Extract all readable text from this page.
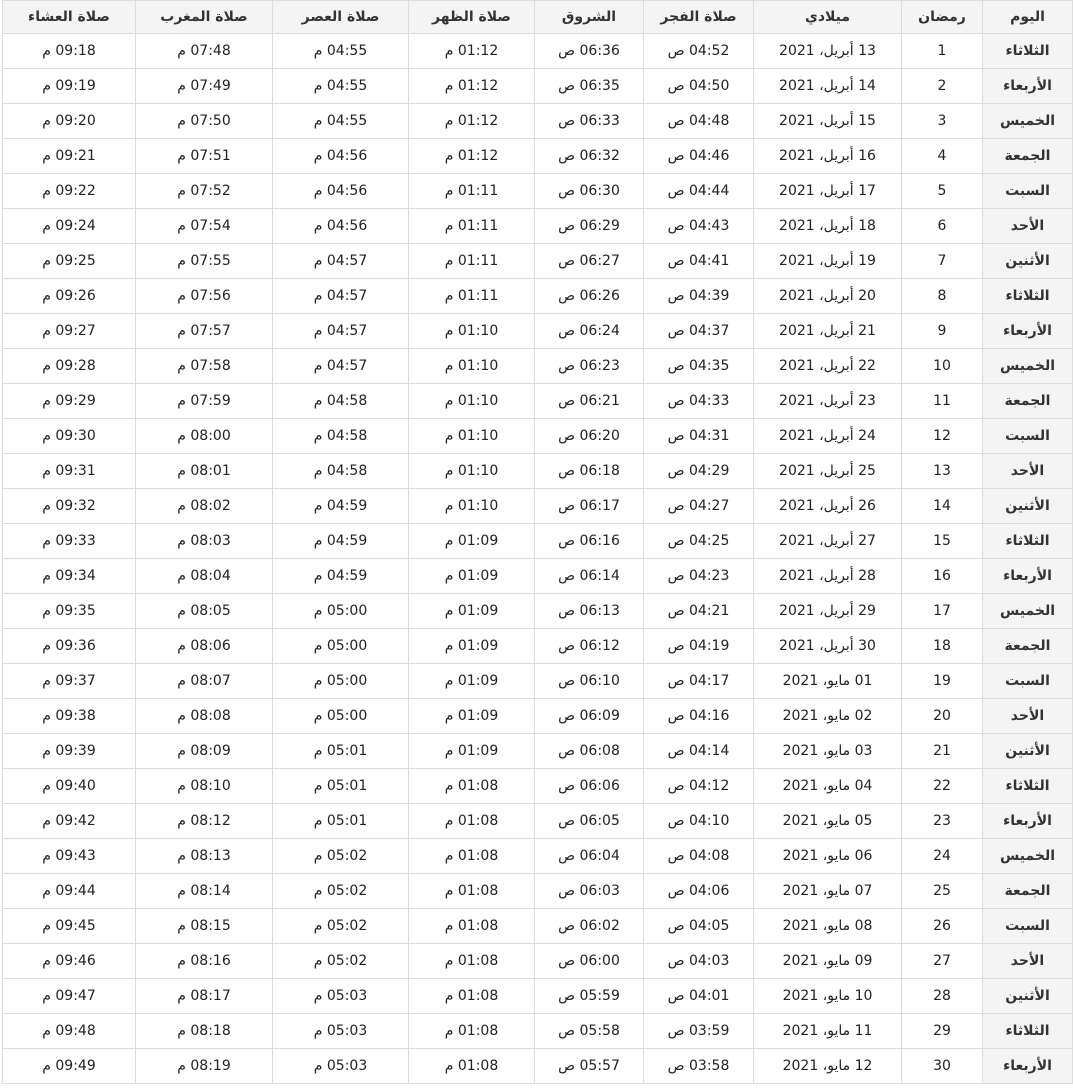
اليوم	رمضان	ميلادي	صلاة الفجر	الشروق	صلاة الظهر	صلاة العصر	صلاة المغرب	صلاة العشاء
الثلاثاء	1	13 أبريل، 2021	04:52 ص	06:36 ص	01:12 م	04:55 م	07:48 م	09:18 م
الأربعاء	2	14 أبريل، 2021	04:50 ص	06:35 ص	01:12 م	04:55 م	07:49 م	09:19 م
الخميس	3	15 أبريل، 2021	04:48 ص	06:33 ص	01:12 م	04:55 م	07:50 م	09:20 م
الجمعة	4	16 أبريل، 2021	04:46 ص	06:32 ص	01:12 م	04:56 م	07:51 م	09:21 م
السبت	5	17 أبريل، 2021	04:44 ص	06:30 ص	01:11 م	04:56 م	07:52 م	09:22 م
الأحد	6	18 أبريل، 2021	04:43 ص	06:29 ص	01:11 م	04:56 م	07:54 م	09:24 م
الأثنين	7	19 أبريل، 2021	04:41 ص	06:27 ص	01:11 م	04:57 م	07:55 م	09:25 م
الثلاثاء	8	20 أبريل، 2021	04:39 ص	06:26 ص	01:11 م	04:57 م	07:56 م	09:26 م
الأربعاء	9	21 أبريل، 2021	04:37 ص	06:24 ص	01:10 م	04:57 م	07:57 م	09:27 م
الخميس	10	22 أبريل، 2021	04:35 ص	06:23 ص	01:10 م	04:57 م	07:58 م	09:28 م
الجمعة	11	23 أبريل، 2021	04:33 ص	06:21 ص	01:10 م	04:58 م	07:59 م	09:29 م
السبت	12	24 أبريل، 2021	04:31 ص	06:20 ص	01:10 م	04:58 م	08:00 م	09:30 م
الأحد	13	25 أبريل، 2021	04:29 ص	06:18 ص	01:10 م	04:58 م	08:01 م	09:31 م
الأثنين	14	26 أبريل، 2021	04:27 ص	06:17 ص	01:10 م	04:59 م	08:02 م	09:32 م
الثلاثاء	15	27 أبريل، 2021	04:25 ص	06:16 ص	01:09 م	04:59 م	08:03 م	09:33 م
الأربعاء	16	28 أبريل، 2021	04:23 ص	06:14 ص	01:09 م	04:59 م	08:04 م	09:34 م
الخميس	17	29 أبريل، 2021	04:21 ص	06:13 ص	01:09 م	05:00 م	08:05 م	09:35 م
الجمعة	18	30 أبريل، 2021	04:19 ص	06:12 ص	01:09 م	05:00 م	08:06 م	09:36 م
السبت	19	01 مايو، 2021	04:17 ص	06:10 ص	01:09 م	05:00 م	08:07 م	09:37 م
الأحد	20	02 مايو، 2021	04:16 ص	06:09 ص	01:09 م	05:00 م	08:08 م	09:38 م
الأثنين	21	03 مايو، 2021	04:14 ص	06:08 ص	01:09 م	05:01 م	08:09 م	09:39 م
الثلاثاء	22	04 مايو، 2021	04:12 ص	06:06 ص	01:08 م	05:01 م	08:10 م	09:40 م
الأربعاء	23	05 مايو، 2021	04:10 ص	06:05 ص	01:08 م	05:01 م	08:12 م	09:42 م
الخميس	24	06 مايو، 2021	04:08 ص	06:04 ص	01:08 م	05:02 م	08:13 م	09:43 م
الجمعة	25	07 مايو، 2021	04:06 ص	06:03 ص	01:08 م	05:02 م	08:14 م	09:44 م
السبت	26	08 مايو، 2021	04:05 ص	06:02 ص	01:08 م	05:02 م	08:15 م	09:45 م
الأحد	27	09 مايو، 2021	04:03 ص	06:00 ص	01:08 م	05:02 م	08:16 م	09:46 م
الأثنين	28	10 مايو، 2021	04:01 ص	05:59 ص	01:08 م	05:03 م	08:17 م	09:47 م
الثلاثاء	29	11 مايو، 2021	03:59 ص	05:58 ص	01:08 م	05:03 م	08:18 م	09:48 م
الأربعاء	30	12 مايو، 2021	03:58 ص	05:57 ص	01:08 م	05:03 م	08:19 م	09:49 م
